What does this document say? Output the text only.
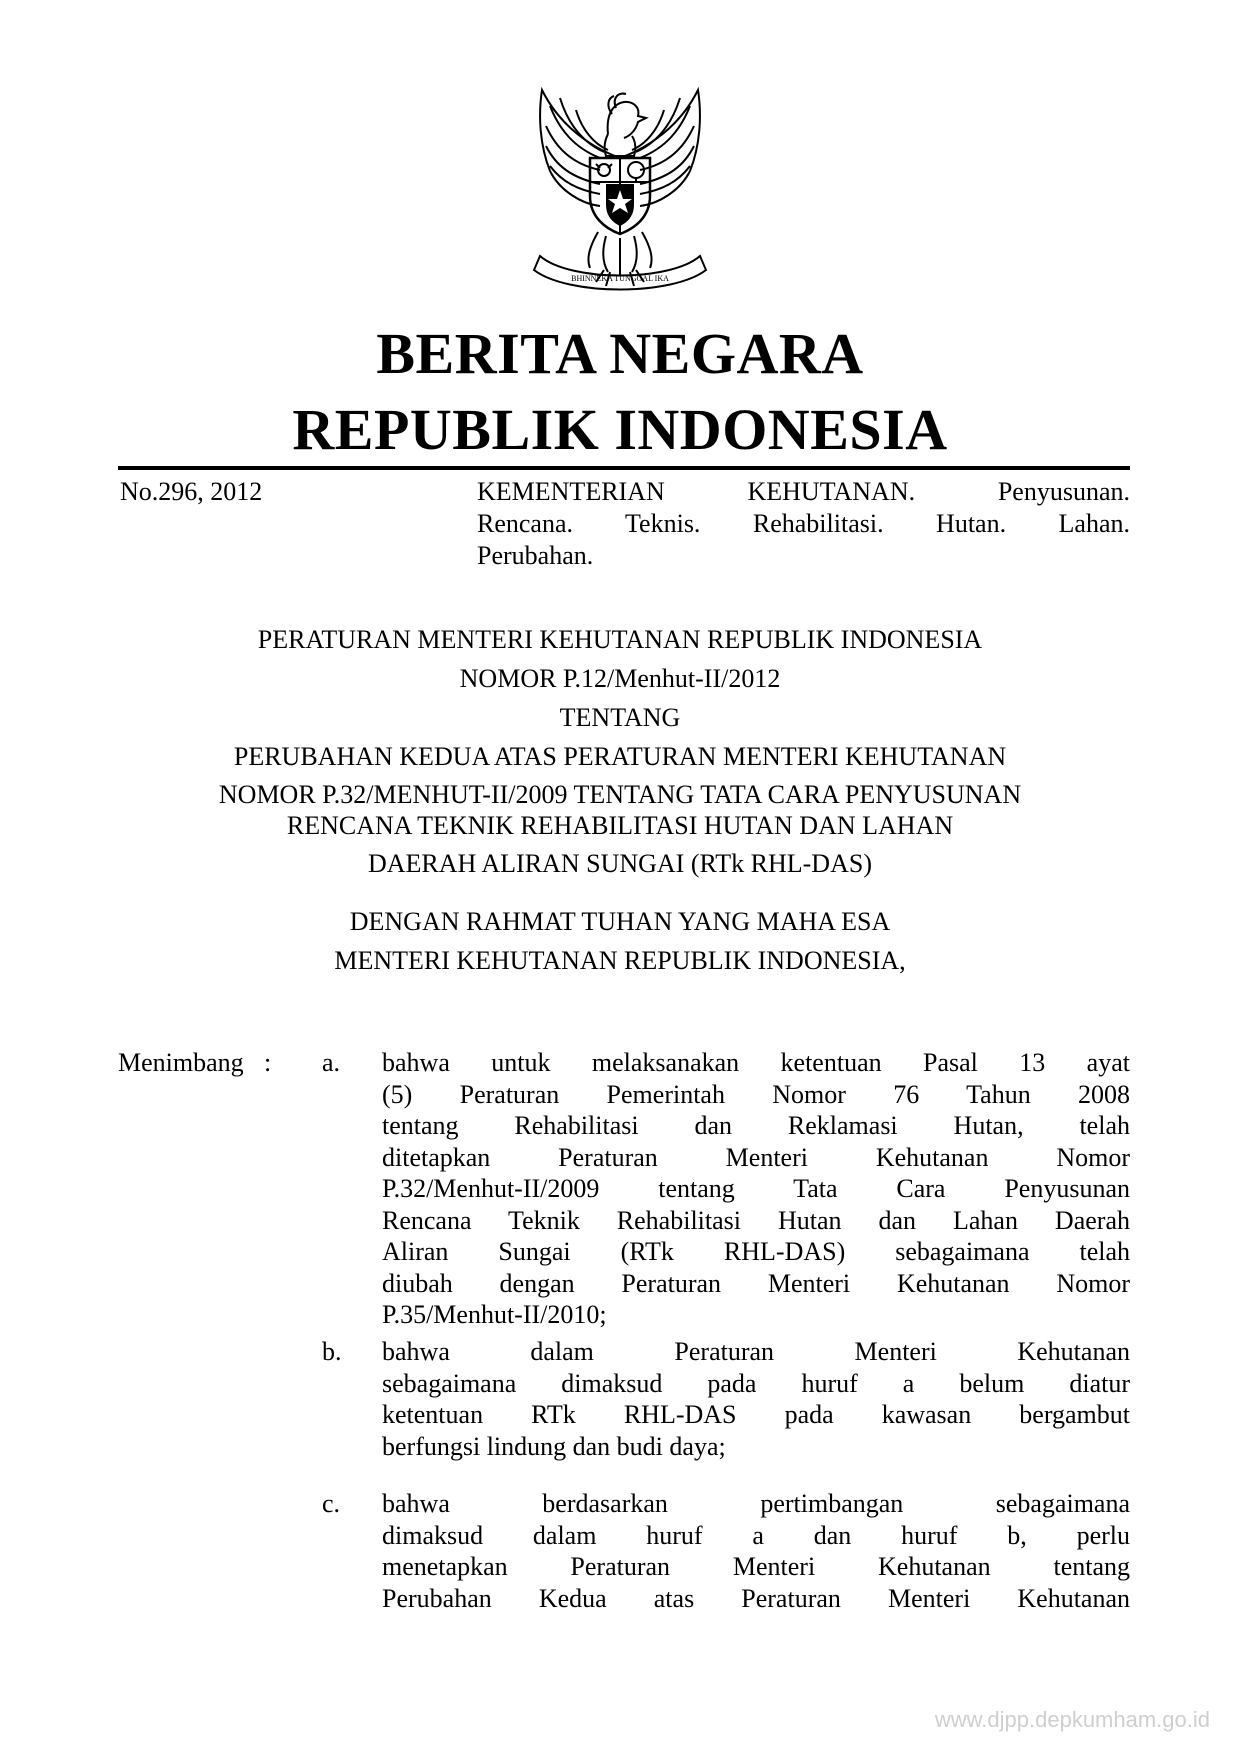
BHINNEKA TUNGGAL IKA
BERITA NEGARA
REPUBLIK INDONESIA
No.296, 2012	KEMENTERIAN KEHUTANAN. Penyusunan.
Rencana. Teknis. Rehabilitasi. Hutan. Lahan.
Perubahan.
PERATURAN MENTERI KEHUTANAN REPUBLIK INDONESIA
NOMOR P.12/Menhut-II/2012
TENTANG
PERUBAHAN KEDUA ATAS PERATURAN MENTERI KEHUTANAN
NOMOR P.32/MENHUT-II/2009 TENTANG TATA CARA PENYUSUNAN
RENCANA TEKNIK REHABILITASI HUTAN DAN LAHAN
DAERAH ALIRAN SUNGAI (RTk RHL-DAS)
DENGAN RAHMAT TUHAN YANG MAHA ESA
MENTERI KEHUTANAN REPUBLIK INDONESIA,
Menimbang : a.	bahwa untuk melaksanakan ketentuan Pasal 13 ayat
(5) Peraturan Pemerintah Nomor 76 Tahun 2008
tentang Rehabilitasi dan Reklamasi Hutan, telah
ditetapkan Peraturan Menteri Kehutanan Nomor
P.32/Menhut-II/2009 tentang Tata Cara Penyusunan
Rencana Teknik Rehabilitasi Hutan dan Lahan Daerah
Aliran Sungai (RTk RHL-DAS) sebagaimana telah
diubah dengan Peraturan Menteri Kehutanan Nomor
P.35/Menhut-II/2010;
b.	bahwa dalam Peraturan Menteri Kehutanan
sebagaimana dimaksud pada huruf a belum diatur
ketentuan RTk RHL-DAS pada kawasan bergambut
berfungsi lindung dan budi daya;
c.	bahwa berdasarkan pertimbangan sebagaimana
dimaksud dalam huruf a dan huruf b, perlu
menetapkan Peraturan Menteri Kehutanan tentang
Perubahan Kedua atas Peraturan Menteri Kehutanan
www.djpp.depkumham.go.id
